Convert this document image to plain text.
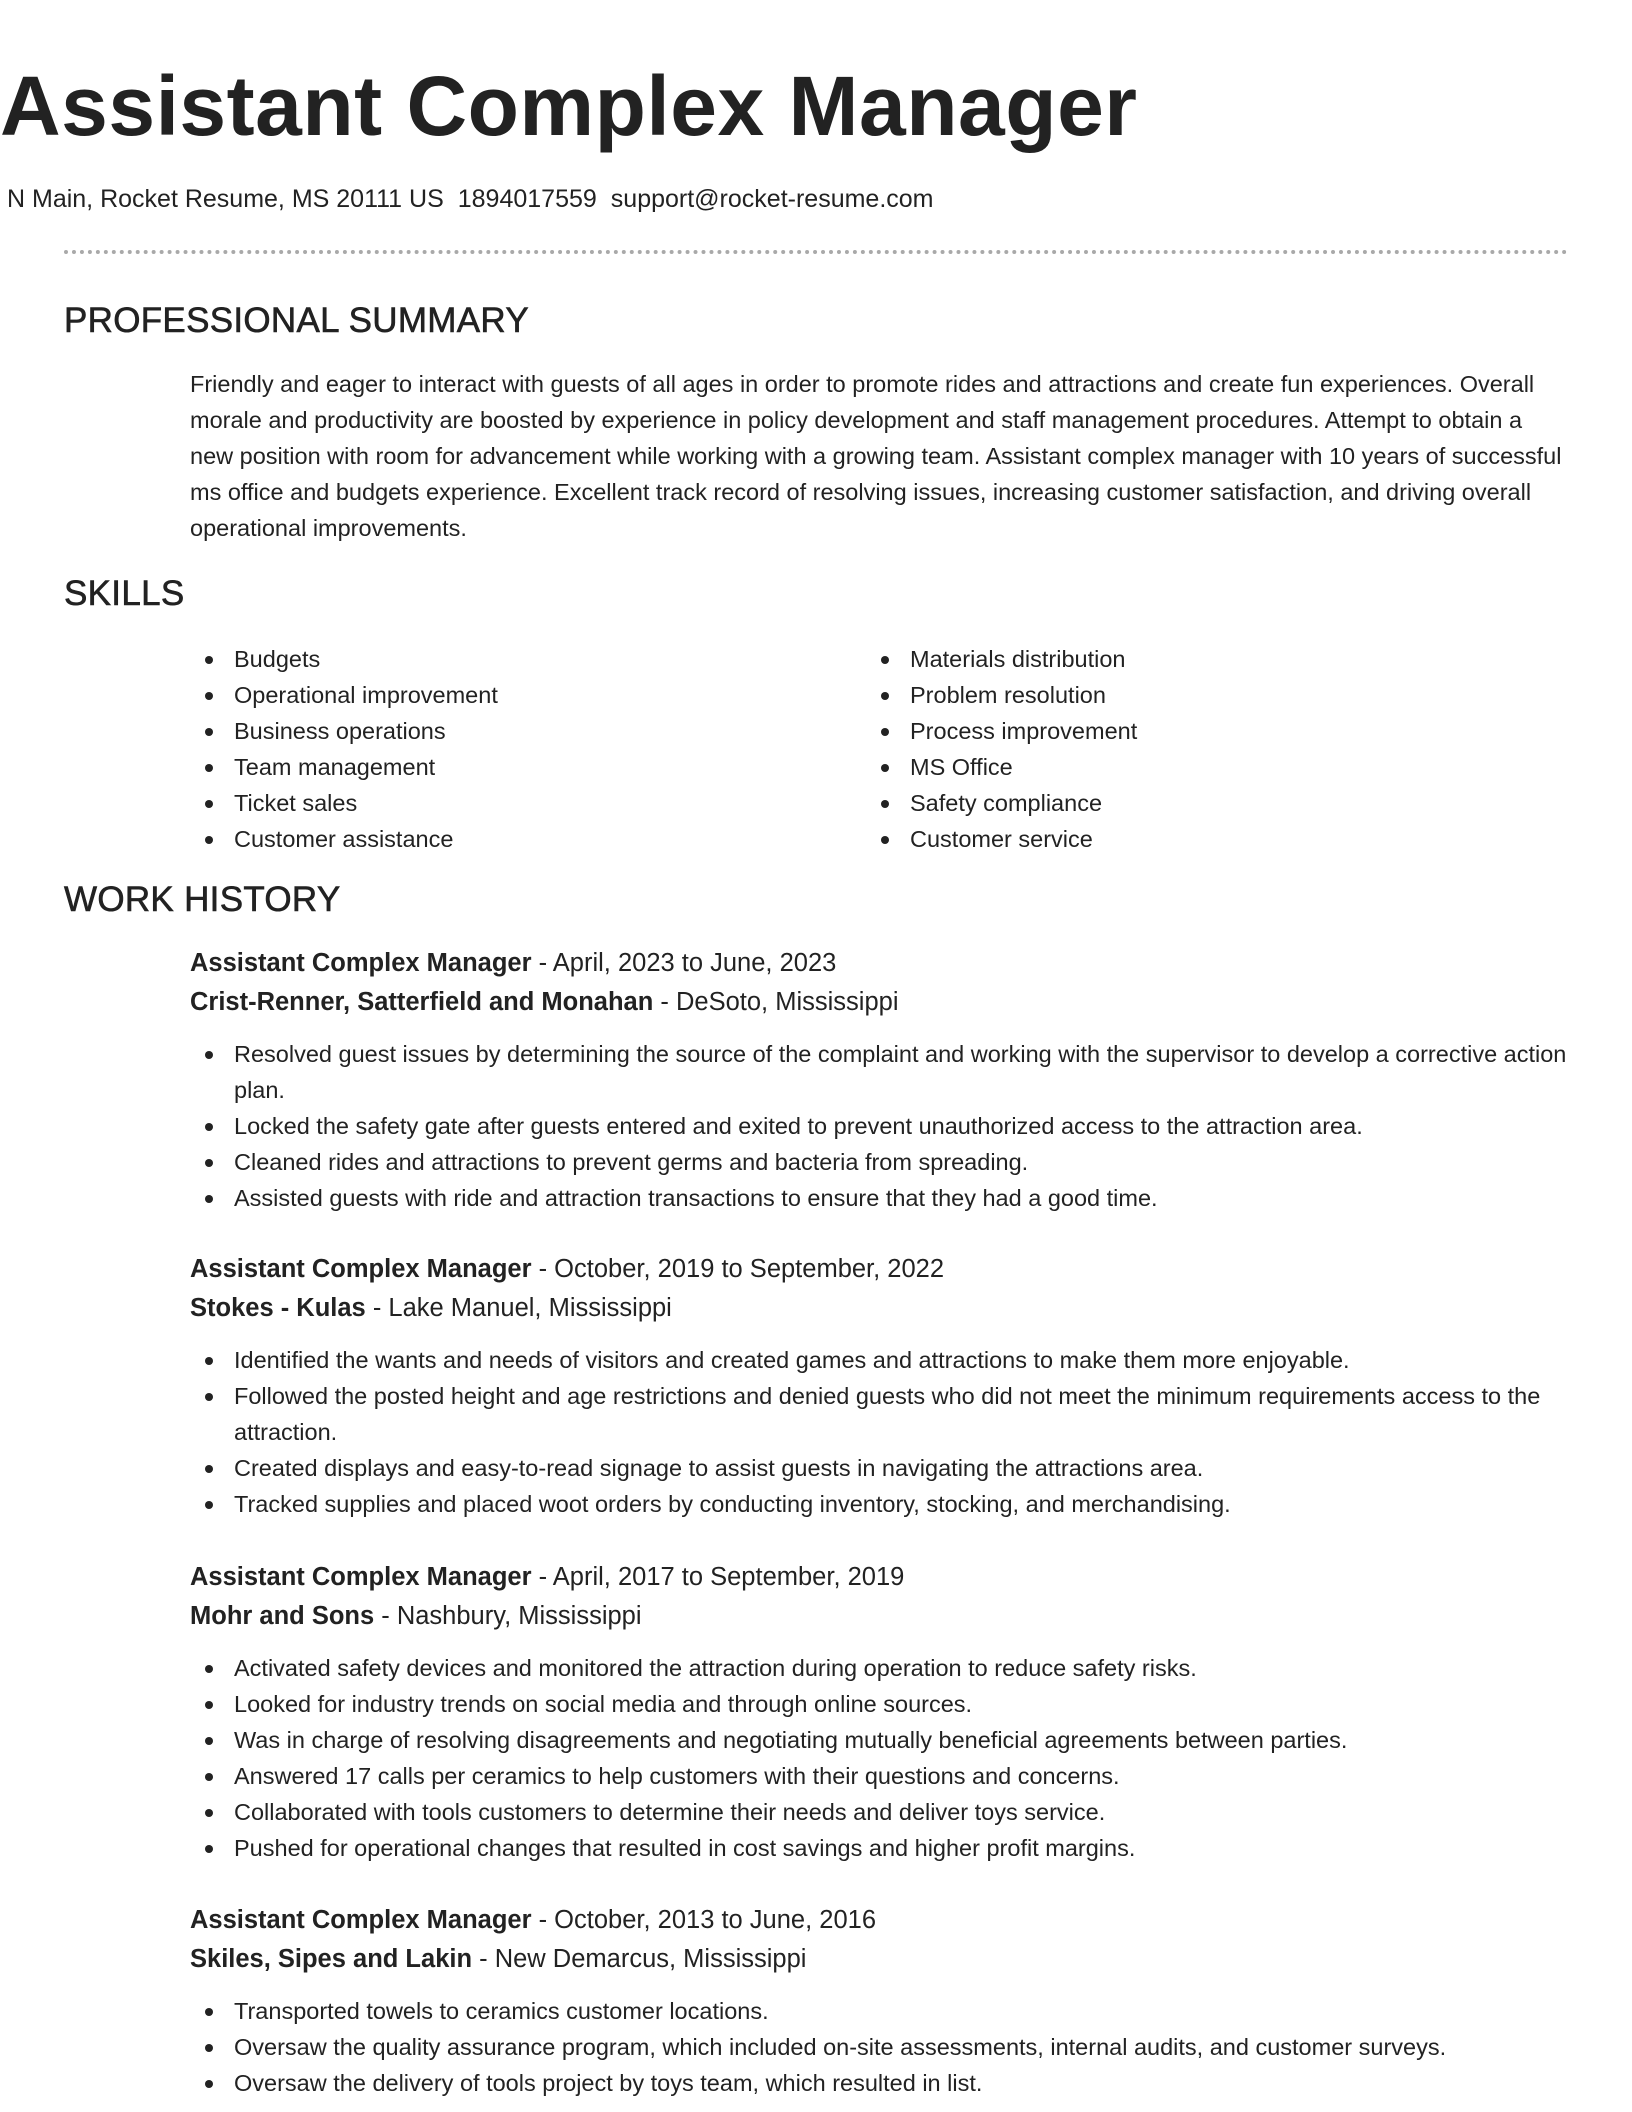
Assistant Complex Manager
N Main, Rocket Resume, MS 20111 US 1894017559 support@rocket-resume.com
PROFESSIONAL SUMMARY

Friendly and eager to interact with guests of all ages in order to promote rides and attractions and create fun experiences. Overall morale and productivity are boosted by experience in policy development and staff management procedures. Attempt to obtain a new position with room for advancement while working with a growing team. Assistant complex manager with 10 years of successful ms office and budgets experience. Excellent track record of resolving issues, increasing customer satisfaction, and driving overall operational improvements.

SKILLS
Budgets
Operational improvement
Business operations
Team management
Ticket sales
Customer assistance
Materials distribution
Problem resolution
Process improvement
MS Office
Safety compliance
Customer service
WORK HISTORY
Assistant Complex Manager - April, 2023 to June, 2023
Crist-Renner, Satterfield and Monahan - DeSoto, Mississippi
Resolved guest issues by determining the source of the complaint and working with the supervisor to develop a corrective action plan.
Locked the safety gate after guests entered and exited to prevent unauthorized access to the attraction area.
Cleaned rides and attractions to prevent germs and bacteria from spreading.
Assisted guests with ride and attraction transactions to ensure that they had a good time.
Assistant Complex Manager - October, 2019 to September, 2022
Stokes - Kulas - Lake Manuel, Mississippi
Identified the wants and needs of visitors and created games and attractions to make them more enjoyable.
Followed the posted height and age restrictions and denied guests who did not meet the minimum requirements access to the attraction.
Created displays and easy-to-read signage to assist guests in navigating the attractions area.
Tracked supplies and placed woot orders by conducting inventory, stocking, and merchandising.
Assistant Complex Manager - April, 2017 to September, 2019
Mohr and Sons - Nashbury, Mississippi
Activated safety devices and monitored the attraction during operation to reduce safety risks.
Looked for industry trends on social media and through online sources.
Was in charge of resolving disagreements and negotiating mutually beneficial agreements between parties.
Answered 17 calls per ceramics to help customers with their questions and concerns.
Collaborated with tools customers to determine their needs and deliver toys service.
Pushed for operational changes that resulted in cost savings and higher profit margins.
Assistant Complex Manager - October, 2013 to June, 2016
Skiles, Sipes and Lakin - New Demarcus, Mississippi
Transported towels to ceramics customer locations.
Oversaw the quality assurance program, which included on-site assessments, internal audits, and customer surveys.
Oversaw the delivery of tools project by toys team, which resulted in list.
